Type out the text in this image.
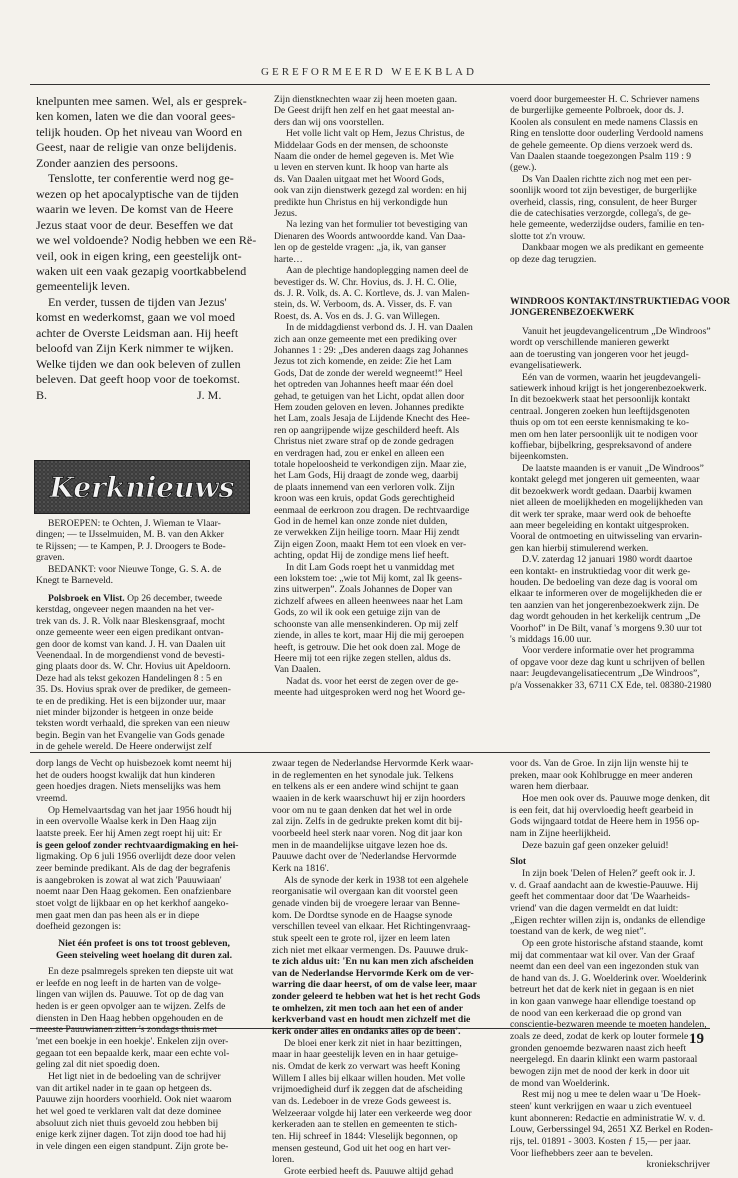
GEREFORMEERD WEEKBLAD
knelpunten mee samen. Wel, als er gesprek-
ken komen, laten we die dan vooral gees-
telijk houden. Op het niveau van Woord en
Geest, naar de religie van onze belijdenis.
Zonder aanzien des persoons.
Tenslotte, ter conferentie werd nog ge-
wezen op het apocalyptische van de tijden
waarin we leven. De komst van de Heere
Jezus staat voor de deur. Beseffen we dat
we wel voldoende? Nodig hebben we een Rë-
veil, ook in eigen kring, een geestelijk ont-
waken uit een vaak gezapig voortkabbelend
gemeentelijk leven.
En verder, tussen de tijden van Jezus'
komst en wederkomst, gaan we vol moed
achter de Overste Leidsman aan. Hij heeft
beloofd van Zijn Kerk nimmer te wijken.
Welke tijden we dan ook beleven of zullen
beleven. Dat geeft hoop voor de toekomst.
B.                                                  J. M.
Kerknieuws
BEROEPEN: te Ochten, J. Wieman te Vlaar-
dingen; — te IJsselmuiden, M. B. van den Akker
te Rijssen; — te Kampen, P. J. Droogers te Bode-
graven.
BEDANKT: voor Nieuwe Tonge, G. S. A. de
Knegt te Barneveld.
Polsbroek en Vlist. Op 26 december, tweede
kerstdag, ongeveer negen maanden na het ver-
trek van ds. J. R. Volk naar Bleskensgraaf, mocht
onze gemeente weer een eigen predikant ontvan-
gen door de komst van kand. J. H. van Daalen uit
Veenendaal. In de morgendienst vond de bevesti-
ging plaats door ds. W. Chr. Hovius uit Apeldoorn.
Deze had als tekst gekozen Handelingen 8 : 5 en
35. Ds. Hovius sprak over de prediker, de gemeen-
te en de prediking. Het is een bijzonder uur, maar
niet minder bijzonder is hetgeen in onze beide
teksten wordt verhaald, die spreken van een nieuw
begin. Begin van het Evangelie van Gods genade
in de gehele wereld. De Heere onderwijst zelf
Zijn dienstknechten waar zij heen moeten gaan.
De Geest drijft hen zelf en het gaat meestal an-
ders dan wij ons voorstellen.
Het volle licht valt op Hem, Jezus Christus, de
Middelaar Gods en der mensen, de schoonste
Naam die onder de hemel gegeven is. Met Wie
u leven en sterven kunt. Ik hoop van harte als
ds. Van Daalen uitgaat met het Woord Gods,
ook van zijn dienstwerk gezegd zal worden: en hij
predikte hun Christus en hij verkondigde hun
Jezus.
Na lezing van het formulier tot bevestiging van
Dienaren des Woords antwoordde kand. Van Daa-
len op de gestelde vragen: „ja, ik, van ganser
harte…
Aan de plechtige handoplegging namen deel de
bevestiger ds. W. Chr. Hovius, ds. J. H. C. Olie,
ds. J. R. Volk, ds. A. C. Kortleve, ds. J. van Malen-
stein, ds. W. Verboom, ds. A. Visser, ds. F. van
Roest, ds. A. Vos en ds. J. G. van Willegen.
In de middagdienst verbond ds. J. H. van Daalen
zich aan onze gemeente met een prediking over
Johannes 1 : 29: „Des anderen daags zag Johannes
Jezus tot zich komende, en zeide: Zie het Lam
Gods, Dat de zonde der wereld wegneemt!” Heel
het optreden van Johannes heeft maar één doel
gehad, te getuigen van het Licht, opdat allen door
Hem zouden geloven en leven. Johannes predikte
het Lam, zoals Jesaja de Lijdende Knecht des Hee-
ren op aangrijpende wijze geschilderd heeft. Als
Christus niet zware straf op de zonde gedragen
en verdragen had, zou er enkel en alleen een
totale hopeloosheid te verkondigen zijn. Maar zie,
het Lam Gods, Hij draagt de zonde weg, daarbij
de plaats innemend van een verloren volk. Zijn
kroon was een kruis, opdat Gods gerechtigheid
eenmaal de eerkroon zou dragen. De rechtvaardige
God in de hemel kan onze zonde niet dulden,
ze verwekken Zijn heilige toorn. Maar Hij zendt
Zijn eigen Zoon, maakt Hem tot een vloek en ver-
achting, opdat Hij de zondige mens lief heeft.
In dit Lam Gods roept het u vanmiddag met
een lokstem toe: „wie tot Mij komt, zal Ik geens-
zins uitwerpen”. Zoals Johannes de Doper van
zichzelf afwees en alleen heenwees naar het Lam
Gods, zo wil ik ook een getuige zijn van de
schoonste van alle mensenkinderen. Op mij zelf
ziende, in alles te kort, maar Hij die mij geroepen
heeft, is getrouw. Die het ook doen zal. Moge de
Heere mij tot een rijke zegen stellen, aldus ds.
Van Daalen.
Nadat ds. voor het eerst de zegen over de ge-
meente had uitgesproken werd nog het Woord ge-
voerd door burgemeester H. C. Schriever namens
de burgerlijke gemeente Polbroek, door ds. J.
Koolen als consulent en mede namens Classis en
Ring en tenslotte door ouderling Verdoold namens
de gehele gemeente. Op diens verzoek werd ds.
Van Daalen staande toegezongen Psalm 119 : 9
(gew.).
Ds Van Daalen richtte zich nog met een per-
soonlijk woord tot zijn bevestiger, de burgerlijke
overheid, classis, ring, consulent, de heer Burger
die de catechisaties verzorgde, collega's, de ge-
hele gemeente, wederzijdse ouders, familie en ten-
slotte tot z'n vrouw.
Dankbaar mogen we als predikant en gemeente
op deze dag terugzien.
WINDROOS KONTAKT/INSTRUKTIEDAG VOOR
JONGERENBEZOEKWERK
Vanuit het jeugdevangelicentrum „De Windroos”
wordt op verschillende manieren gewerkt
aan de toerusting van jongeren voor het jeugd-
evangelisatiewerk.
Eén van de vormen, waarin het jeugdevangeli-
satiewerk inhoud krijgt is het jongerenbezoekwerk.
In dit bezoekwerk staat het persoonlijk kontakt
centraal. Jongeren zoeken hun leeftijdsgenoten
thuis op om tot een eerste kennismaking te ko-
men om hen later persoonlijk uit te nodigen voor
koffiebar, bijbelkring, gespreksavond of andere
bijeenkomsten.
De laatste maanden is er vanuit „De Windroos”
kontakt gelegd met jongeren uit gemeenten, waar
dit bezoekwerk wordt gedaan. Daarbij kwamen
niet alleen de moelijkheden en mogelijkheden van
dit werk ter sprake, maar werd ook de behoefte
aan meer begeleiding en kontakt uitgesproken.
Vooral de ontmoeting en uitwisseling van ervarin-
gen kan hierbij stimulerend werken.
D.V. zaterdag 12 januari 1980 wordt daartoe
een kontakt- en instruktiedag voor dit werk ge-
houden. De bedoeling van deze dag is vooral om
elkaar te informeren over de mogelijkheden die er
ten aanzien van het jongerenbezoekwerk zijn. De
dag wordt gehouden in het kerkelijk centrum „De
Voorhof” in De Bilt, vanaf 's morgens 9.30 uur tot
's middags 16.00 uur.
Voor verdere informatie over het programma
of opgave voor deze dag kunt u schrijven of bellen
naar: Jeugdevangelisatiecentrum „De Windroos”,
p/a Vossenakker 33, 6711 CX Ede, tel. 08380-21980
dorp langs de Vecht op huisbezoek komt neemt hij
het de ouders hoogst kwalijk dat hun kinderen
geen hoedjes dragen. Niets menselijks was hem
vreemd.
Op Hemelvaartsdag van het jaar 1956 houdt hij
in een overvolle Waalse kerk in Den Haag zijn
laatste preek. Eer hij Amen zegt roept hij uit: Er
is geen geloof zonder rechtvaardigmaking en hei-
ligmaking. Op 6 juli 1956 overlijdt deze door velen
zeer beminde predikant. Als de dag der begrafenis
is aangebroken is zowat al wat zich 'Pauuwiaan'
noemt naar Den Haag gekomen. Een onafzienbare
stoet volgt de lijkbaar en op het kerkhof aangeko-
men gaat men dan pas heen als er in diepe
doefheid gezongen is:
Niet één profeet is ons tot troost gebleven,
Geen steiveling weet hoelang dit duren zal.
En deze psalmregels spreken ten diepste uit wat
er leefde en nog leeft in de harten van de volge-
lingen van wijlen ds. Pauuwe. Tot op de dag van
heden is er geen opvolger aan te wijzen. Zelfs de
diensten in Den Haag hebben opgehouden en de
meeste Pauuwianen zitten 's zondags thuis met
'met een boekje in een hoekje'. Enkelen zijn over-
gegaan tot een bepaalde kerk, maar een echte vol-
geling zal dit niet spoedig doen.
Het ligt niet in de bedoeling van de schrijver
van dit artikel nader in te gaan op hetgeen ds.
Pauuwe zijn hoorders voorhield. Ook niet waarom
het wel goed te verklaren valt dat deze dominee
absoluut zich niet thuis gevoeld zou hebben bij
enige kerk zijner dagen. Tot zijn dood toe had hij
in vele dingen een eigen standpunt. Zijn grote be-
zwaar tegen de Nederlandse Hervormde Kerk waar-
in de reglementen en het synodale juk. Telkens
en telkens als er een andere wind schijnt te gaan
waaien in de kerk waarschuwt hij er zijn hoorders
voor om nu te gaan denken dat het wel in orde
zal zijn. Zelfs in de gedrukte preken komt dit bij-
voorbeeld heel sterk naar voren. Nog dit jaar kon
men in de maandelijkse uitgave lezen hoe ds.
Pauuwe dacht over de 'Nederlandse Hervormde
Kerk na 1816'.
Als de synode der kerk in 1938 tot een algehele
reorganisatie wil overgaan kan dit voorstel geen
genade vinden bij de vroegere leraar van Benne-
kom. De Dordtse synode en de Haagse synode
verschillen teveel van elkaar. Het Richtingenvraag-
stuk speelt een te grote rol, ijzer en leem laten
zich niet met elkaar vermengen. Ds. Pauuwe druk-
te zich aldus uit: 'En nu kan men zich afscheiden
van de Nederlandse Hervormde Kerk om de ver-
warring die daar heerst, of om de valse leer, maar
zonder geleerd te hebben wat het is het recht Gods
te omhelzen, zit men toch aan het een of ander
kerkverband vast en houdt men zichzelf met die
kerk onder alles en ondanks alles op de been'.
De bloei ener kerk zit niet in haar bezittingen,
maar in haar geestelijk leven en in haar getuige-
nis. Omdat de kerk zo verwart was heeft Koning
Willem I alles bij elkaar willen houden. Met volle
vrijmoedigheid durf ik zeggen dat de afscheiding
van ds. Ledeboer in de vreze Gods geweest is.
Welzeeraar volgde hij later een verkeerde weg door
kerkeraden aan te stellen en gemeenten te stich-
ten. Hij schreef in 1844: Vleselijk begonnen, op
mensen gesteund, God uit het oog en hart ver-
loren.
Grote eerbied heeft ds. Pauuwe altijd gehad
voor ds. Van de Groe. In zijn lijn wenste hij te
preken, maar ook Kohlbrugge en meer anderen
waren hem dierbaar.
Hoe men ook over ds. Pauuwe moge denken, dit
is een feit, dat hij overvloedig heeft gearbeid in
Gods wijngaard totdat de Heere hem in 1956 op-
nam in Zijne heerlijkheid.
Deze bazuin gaf geen onzeker geluid!
Slot
In zijn boek 'Delen of Helen?' geeft ook ir. J.
v. d. Graaf aandacht aan de kwestie-Pauuwe. Hij
geeft het commentaar door dat 'De Waarheids-
vriend' van die dagen vermeldt en dat luidt:
„Eigen rechter willen zijn is, ondanks de ellendige
toestand van de kerk, de weg niet”.
Op een grote historische afstand staande, komt
mij dat commentaar wat kil over. Van der Graaf
neemt dan een deel van een ingezonden stuk van
de hand van ds. J. G. Woelderink over. Woelderink
betreurt het dat de kerk niet in gegaan is en niet
in kon gaan vanwege haar ellendige toestand op
de nood van een kerkeraad die op grond van
conscientie-bezwaren meende te moeten handelen,
zoals ze deed, zodat de kerk op louter formele
gronden genoemde bezwaren naast zich heeft
neergelegd. En daarin klinkt een warm pastoraal
bewogen zijn met de nood der kerk in door uit
de mond van Woelderink.
Rest mij nog u mee te delen waar u 'De Hoek-
steen' kunt verkrijgen en waar u zich eventueel
kunt abonneren: Redactie en administratie W. v. d.
Louw, Gerberssingel 94, 2651 XZ Berkel en Roden-
rijs, tel. 01891 - 3003. Kosten ƒ 15,— per jaar.
Voor liefhebbers zeer aan te bevelen.
kroniekschrijver
19
